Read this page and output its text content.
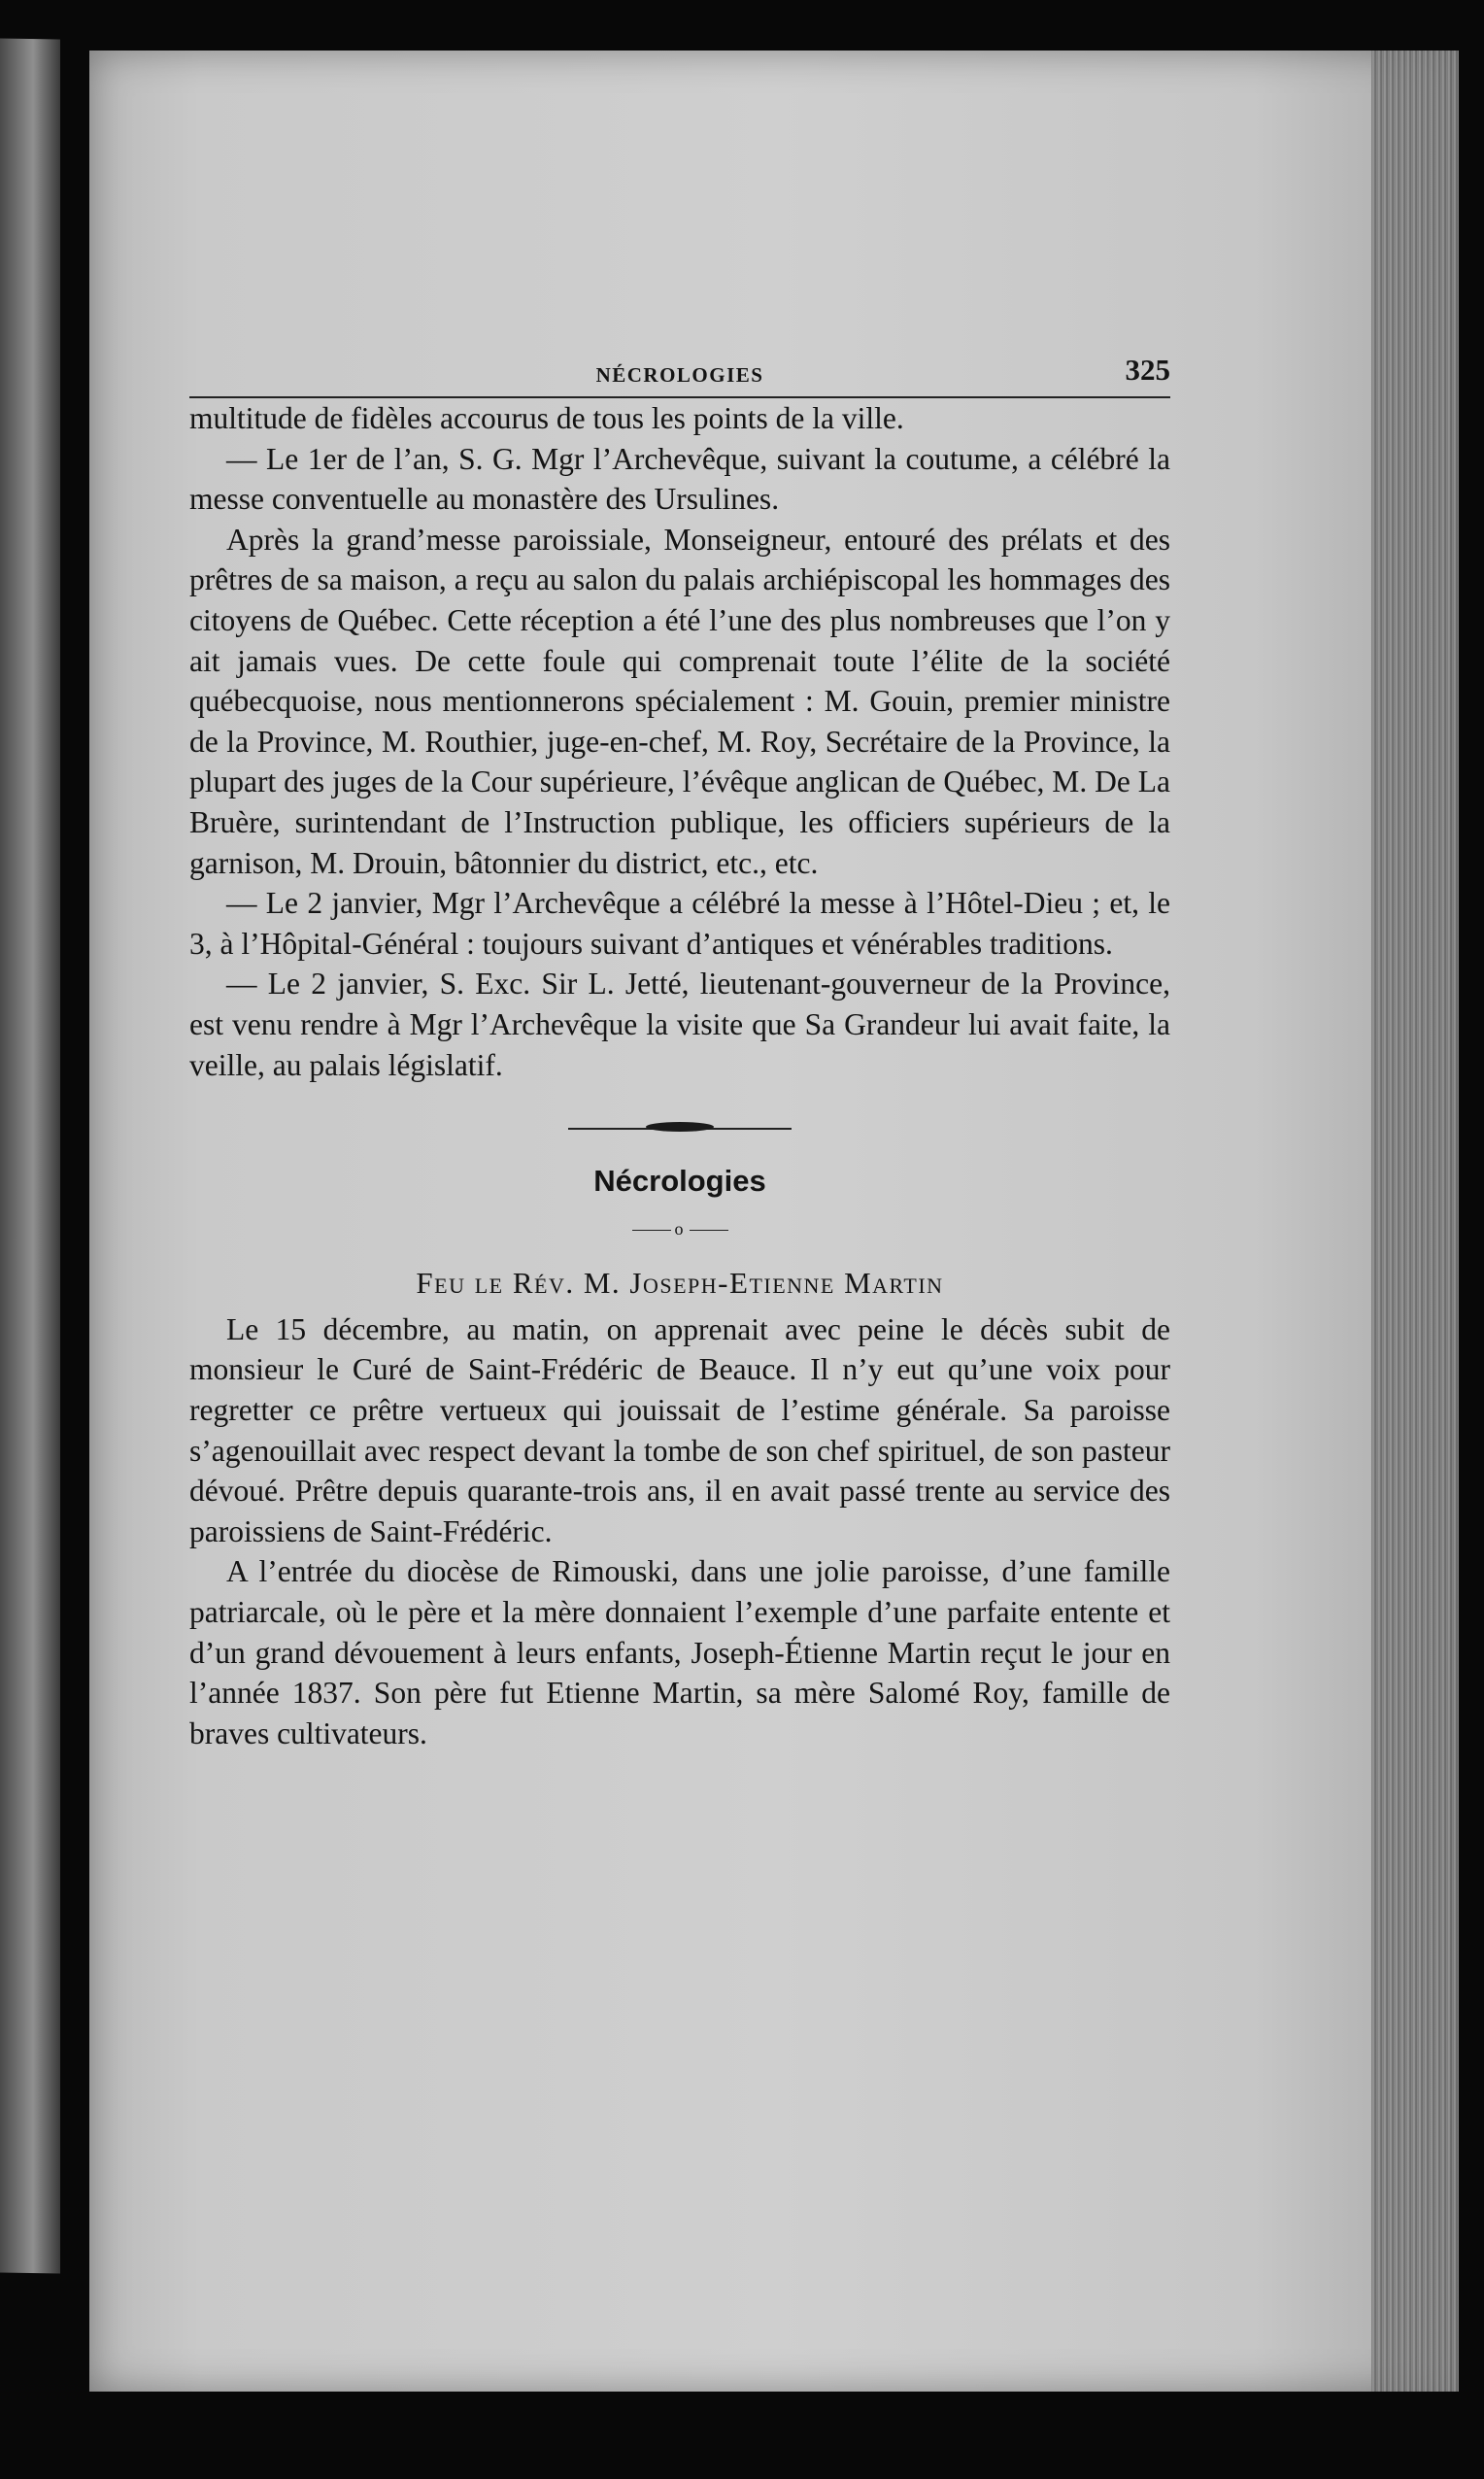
NÉCROLOGIES	325

multitude de fidèles accourus de tous les points de la ville.

— Le 1er de l’an, S. G. Mgr l’Archevêque, suivant la coutume, a célébré la messe conventuelle au monastère des Ursulines.

Après la grand’messe paroissiale, Monseigneur, entouré des prélats et des prêtres de sa maison, a reçu au salon du palais archiépiscopal les hommages des citoyens de Québec. Cette réception a été l’une des plus nombreuses que l’on y ait jamais vues. De cette foule qui comprenait toute l’élite de la société québecquoise, nous mentionnerons spécialement : M. Gouin, premier ministre de la Province, M. Routhier, juge-en-chef, M. Roy, Secrétaire de la Province, la plupart des juges de la Cour supérieure, l’évêque anglican de Québec, M. De La Bruère, surintendant de l’Instruction publique, les officiers supérieurs de la garnison, M. Drouin, bâtonnier du district, etc., etc.

— Le 2 janvier, Mgr l’Archevêque a célébré la messe à l’Hôtel-Dieu ; et, le 3, à l’Hôpital-Général : toujours suivant d’antiques et vénérables traditions.

— Le 2 janvier, S. Exc. Sir L. Jetté, lieutenant-gouverneur de la Province, est venu rendre à Mgr l’Archevêque la visite que Sa Grandeur lui avait faite, la veille, au palais législatif.

Nécrologies
o
Feu le Rév. M. Joseph-Etienne Martin

Le 15 décembre, au matin, on apprenait avec peine le décès subit de monsieur le Curé de Saint-Frédéric de Beauce. Il n’y eut qu’une voix pour regretter ce prêtre vertueux qui jouissait de l’estime générale. Sa paroisse s’agenouillait avec respect devant la tombe de son chef spirituel, de son pasteur dévoué. Prêtre depuis quarante-trois ans, il en avait passé trente au service des paroissiens de Saint-Frédéric.

A l’entrée du diocèse de Rimouski, dans une jolie paroisse, d’une famille patriarcale, où le père et la mère donnaient l’exemple d’une parfaite entente et d’un grand dévouement à leurs enfants, Joseph-Étienne Martin reçut le jour en l’année 1837. Son père fut Etienne Martin, sa mère Salomé Roy, famille de braves cultivateurs.
